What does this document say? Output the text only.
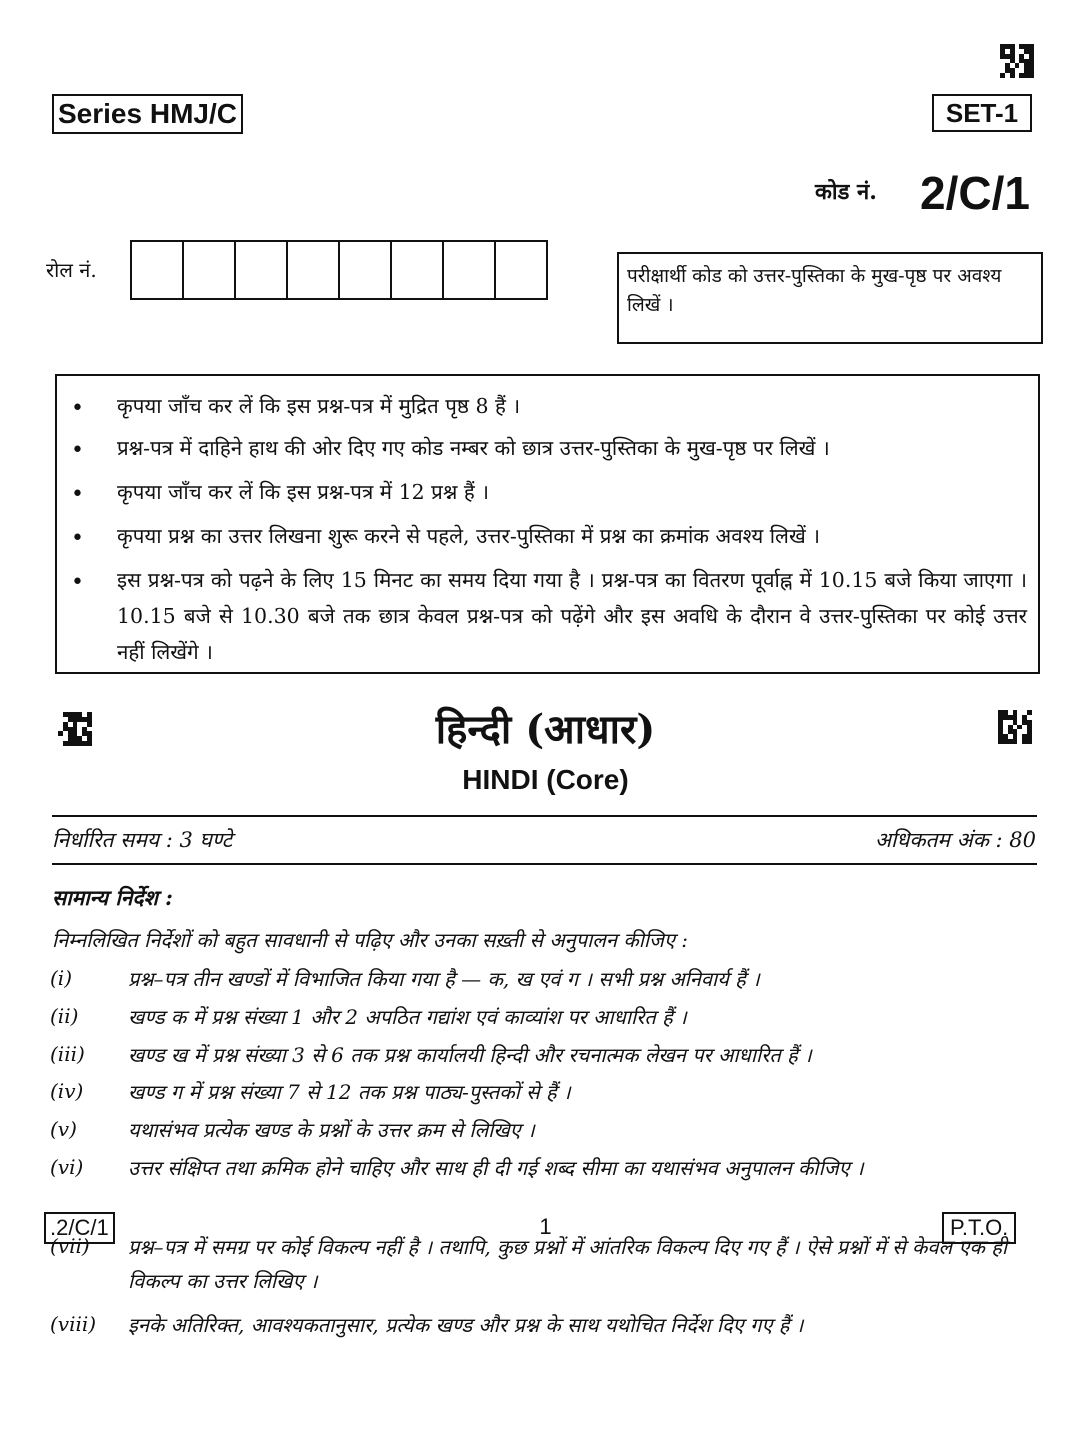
Series HMJ/C	SET-1
कोड नं. 2/C/1
रोल नं.	परीक्षार्थी कोड को उत्तर-पुस्तिका के मुख-पृष्ठ पर अवश्य लिखें ।
• कृपया जाँच कर लें कि इस प्रश्न-पत्र में मुद्रित पृष्ठ 8 हैं ।
• प्रश्न-पत्र में दाहिने हाथ की ओर दिए गए कोड नम्बर को छात्र उत्तर-पुस्तिका के मुख-पृष्ठ पर लिखें ।
• कृपया जाँच कर लें कि इस प्रश्न-पत्र में 12 प्रश्न हैं ।
• कृपया प्रश्न का उत्तर लिखना शुरू करने से पहले, उत्तर-पुस्तिका में प्रश्न का क्रमांक अवश्य लिखें ।
• इस प्रश्न-पत्र को पढ़ने के लिए 15 मिनट का समय दिया गया है । प्रश्न-पत्र का वितरण पूर्वाह्न में 10.15 बजे किया जाएगा । 10.15 बजे से 10.30 बजे तक छात्र केवल प्रश्न-पत्र को पढ़ेंगे और इस अवधि के दौरान वे उत्तर-पुस्तिका पर कोई उत्तर नहीं लिखेंगे ।
हिन्दी (आधार)
HINDI (Core)
निर्धारित समय : 3 घण्टे	अधिकतम अंक : 80
सामान्य निर्देश :
निम्नलिखित निर्देशों को बहुत सावधानी से पढ़िए और उनका सख़्ती से अनुपालन कीजिए :
(i)	प्रश्न–पत्र तीन खण्डों में विभाजित किया गया है — क, ख एवं ग । सभी प्रश्न अनिवार्य हैं ।
(ii) खण्ड क में प्रश्न संख्या 1 और 2 अपठित गद्यांश एवं काव्यांश पर आधारित हैं ।
(iii) खण्ड ख में प्रश्न संख्या 3 से 6 तक प्रश्न कार्यालयी हिन्दी और रचनात्मक लेखन पर आधारित हैं ।
(iv) खण्ड ग में प्रश्न संख्या 7 से 12 तक प्रश्न पाठ्य-पुस्तकों से हैं ।
(v)	यथासंभव प्रत्येक खण्ड के प्रश्नों के उत्तर क्रम से लिखिए ।
(vi) उत्तर संक्षिप्त तथा क्रमिक होने चाहिए और साथ ही दी गई शब्द सीमा का यथासंभव अनुपालन कीजिए ।
(vii) प्रश्न–पत्र में समग्र पर कोई विकल्प नहीं है । तथापि, कुछ प्रश्नों में आंतरिक विकल्प दिए गए हैं । ऐसे प्रश्नों में से केवल एक ही विकल्प का उत्तर लिखिए ।
(viii) इनके अतिरिक्त, आवश्यकतानुसार, प्रत्येक खण्ड और प्रश्न के साथ यथोचित निर्देश दिए गए हैं ।
.2/C/1	1	P.T.O.
